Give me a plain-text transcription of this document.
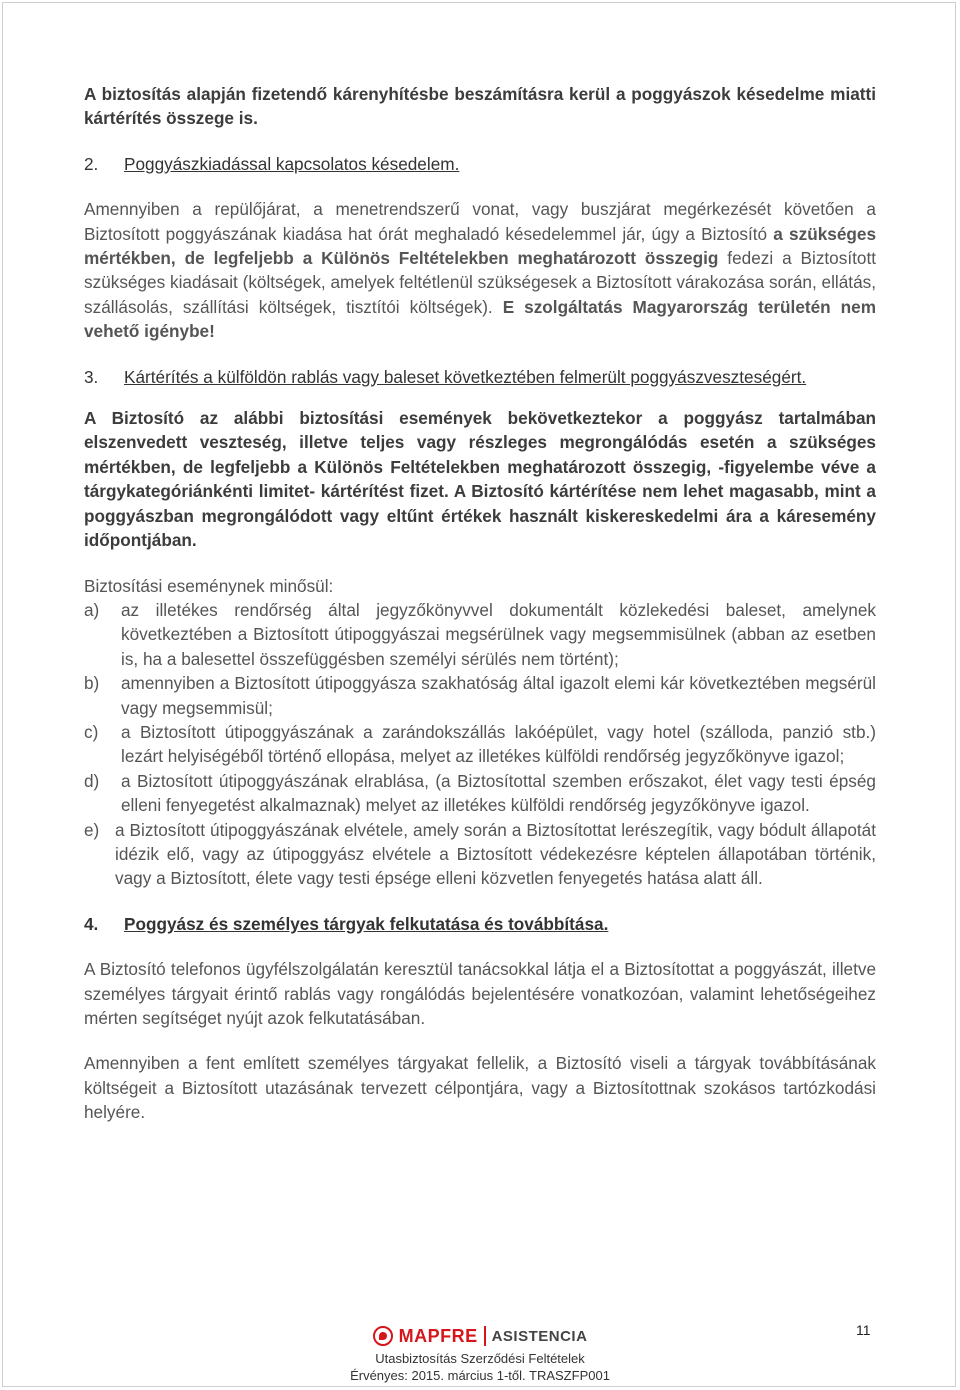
A biztosítás alapján fizetendő kárenyhítésbe beszámításra kerül a poggyászok késedelme miatti kártérítés összege is.

2.	Poggyászkiadással kapcsolatos késedelem.

Amennyiben a repülőjárat, a menetrendszerű vonat, vagy buszjárat megérkezését követően a Biztosított poggyászának kiadása hat órát meghaladó késedelemmel jár, úgy a Biztosító a szükséges mértékben, de legfeljebb a Különös Feltételekben meghatározott összegig fedezi a Biztosított szükséges kiadásait (költségek, amelyek feltétlenül szükségesek a Biztosított várakozása során, ellátás, szállásolás, szállítási költségek, tisztítói költségek). E szolgáltatás Magyarország területén nem vehető igénybe!

3.	Kártérítés a külföldön rablás vagy baleset következtében felmerült poggyászveszteségért.

A Biztosító az alábbi biztosítási események bekövetkeztekor a poggyász tartalmában elszenvedett veszteség, illetve teljes vagy részleges megrongálódás esetén a szükséges mértékben, de legfeljebb a Különös Feltételekben meghatározott összegig, -figyelembe véve a tárgykategóriánkénti limitet- kártérítést fizet. A Biztosító kártérítése nem lehet magasabb, mint a poggyászban megrongálódott vagy eltűnt értékek használt kiskereskedelmi ára a káresemény időpontjában.

Biztosítási eseménynek minősül:

a)	az illetékes rendőrség által jegyzőkönyvvel dokumentált közlekedési baleset, amelynek következtében a Biztosított útipoggyászai megsérülnek vagy megsemmisülnek (abban az esetben is, ha a balesettel összefüggésben személyi sérülés nem történt);
b)	amennyiben a Biztosított útipoggyásza szakhatóság által igazolt elemi kár következtében megsérül vagy megsemmisül;
c)	a Biztosított útipoggyászának a zarándokszállás lakóépület, vagy hotel (szálloda, panzió stb.) lezárt helyiségéből történő ellopása, melyet az illetékes külföldi rendőrség jegyzőkönyve igazol;
d)	a Biztosított útipoggyászának elrablása, (a Biztosítottal szemben erőszakot, élet vagy testi épség elleni fenyegetést alkalmaznak) melyet az illetékes külföldi rendőrség jegyzőkönyve igazol.
e) a Biztosított útipoggyászának elvétele, amely során a Biztosítottat lerészegítik, vagy bódult állapotát idézik elő, vagy az útipoggyász elvétele a Biztosított védekezésre képtelen állapotában történik, vagy a Biztosított, élete vagy testi épsége elleni közvetlen fenyegetés hatása alatt áll.
4.	Poggyász és személyes tárgyak felkutatása és továbbítása.

A Biztosító telefonos ügyfélszolgálatán keresztül tanácsokkal látja el a Biztosítottat a poggyászát, illetve személyes tárgyait érintő rablás vagy rongálódás bejelentésére vonatkozóan, valamint lehetőségeihez mérten segítséget nyújt azok felkutatásában.

Amennyiben a fent említett személyes tárgyakat fellelik, a Biztosító viseli a tárgyak továbbításának költségeit a Biztosított utazásának tervezett célpontjára, vagy a Biztosítottnak szokásos tartózkodási helyére.

MAPFRE ASISTENCIA
Utasbiztosítás Szerződési Feltételek
Érvényes: 2015. március 1-től. TRASZFP001
11
